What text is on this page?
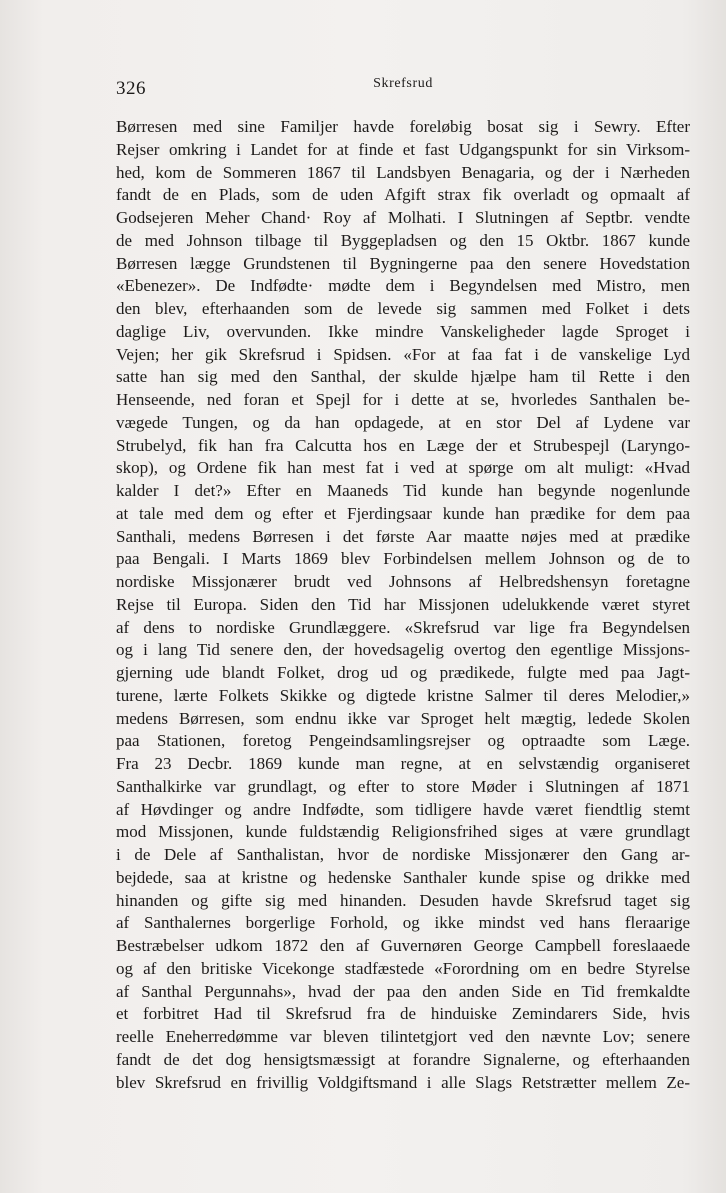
326	Skrefsrud
Børresen med sine Familjer havde foreløbig bosat sig i Sewry. Efter
Rejser omkring i Landet for at finde et fast Udgangspunkt for sin Virksom-
hed, kom de Sommeren 1867 til Landsbyen Benagaria, og der i Nærheden
fandt de en Plads, som de uden Afgift strax fik overladt og opmaalt af
Godsejeren Meher Chand· Roy af Molhati. I Slutningen af Septbr. vendte
de med Johnson tilbage til Byggepladsen og den 15 Oktbr. 1867 kunde
Børresen lægge Grundstenen til Bygningerne paa den senere Hovedstation
«Ebenezer». De Indfødte· mødte dem i Begyndelsen med Mistro, men
den blev, efterhaanden som de levede sig sammen med Folket i dets
daglige Liv, overvunden. Ikke mindre Vanskeligheder lagde Sproget i
Vejen; her gik Skrefsrud i Spidsen. «For at faa fat i de vanskelige Lyd
satte han sig med den Santhal, der skulde hjælpe ham til Rette i den
Henseende, ned foran et Spejl for i dette at se, hvorledes Santhalen be-
vægede Tungen, og da han opdagede, at en stor Del af Lydene var
Strubelyd, fik han fra Calcutta hos en Læge der et Strubespejl (Laryngo-
skop), og Ordene fik han mest fat i ved at spørge om alt muligt: «Hvad
kalder I det?» Efter en Maaneds Tid kunde han begynde nogenlunde
at tale med dem og efter et Fjerdingsaar kunde han prædike for dem paa
Santhali, medens Børresen i det første Aar maatte nøjes med at prædike
paa Bengali. I Marts 1869 blev Forbindelsen mellem Johnson og de to
nordiske Missjonærer brudt ved Johnsons af Helbredshensyn foretagne
Rejse til Europa. Siden den Tid har Missjonen udelukkende været styret
af dens to nordiske Grundlæggere. «Skrefsrud var lige fra Begyndelsen
og i lang Tid senere den, der hovedsagelig overtog den egentlige Missjons-
gjerning ude blandt Folket, drog ud og prædikede, fulgte med paa Jagt-
turene, lærte Folkets Skikke og digtede kristne Salmer til deres Melodier,»
medens Børresen, som endnu ikke var Sproget helt mægtig, ledede Skolen
paa Stationen, foretog Pengeindsamlingsrejser og optraadte som Læge.
Fra 23 Decbr. 1869 kunde man regne, at en selvstændig organiseret
Santhalkirke var grundlagt, og efter to store Møder i Slutningen af 1871
af Høvdinger og andre Indfødte, som tidligere havde været fiendtlig stemt
mod Missjonen, kunde fuldstændig Religionsfrihed siges at være grundlagt
i de Dele af Santhalistan, hvor de nordiske Missjonærer den Gang ar-
bejdede, saa at kristne og hedenske Santhaler kunde spise og drikke med
hinanden og gifte sig med hinanden. Desuden havde Skrefsrud taget sig
af Santhalernes borgerlige Forhold, og ikke mindst ved hans fleraarige
Bestræbelser udkom 1872 den af Guvernøren George Campbell foreslaaede
og af den britiske Vicekonge stadfæstede «Forordning om en bedre Styrelse
af Santhal Pergunnahs», hvad der paa den anden Side en Tid fremkaldte
et forbitret Had til Skrefsrud fra de hinduiske Zemindarers Side, hvis
reelle Eneherredømme var bleven tilintetgjort ved den nævnte Lov; senere
fandt de det dog hensigtsmæssigt at forandre Signalerne, og efterhaanden
blev Skrefsrud en frivillig Voldgiftsmand i alle Slags Retstrætter mellem Ze-
